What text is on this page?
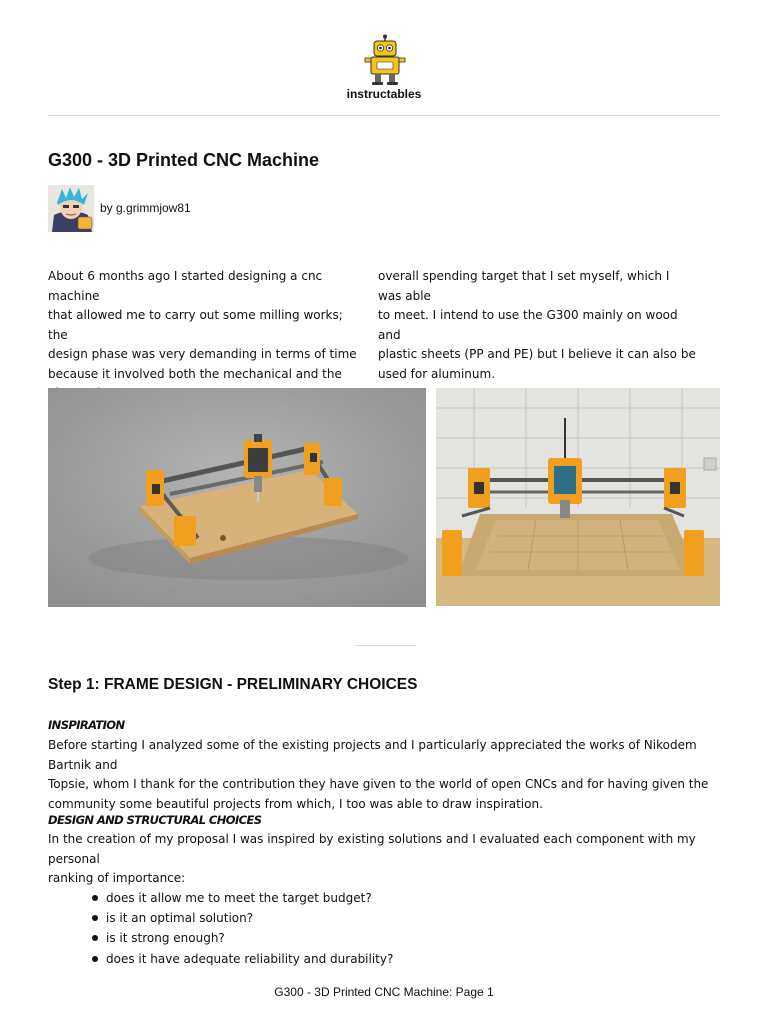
instructables
G300 - 3D Printed CNC Machine
by g.grimmjow81

About 6 months ago I started designing a cnc machine

that allowed me to carry out some milling works; the

design phase was very demanding in terms of time

because it involved both the mechanical and the

overall spending target that I set myself, which I was able

to meet. I intend to use the G300 mainly on wood and

plastic sheets (PP and PE) but I believe it can also be

used for aluminum.

Step 1: FRAME DESIGN - PRELIMINARY CHOICES
INSPIRATION

Before starting I analyzed some of the existing projects and I particularly appreciated the works of Nikodem Bartnik and

Topsie, whom I thank for the contribution they have given to the world of open CNCs and for having given the

community some beautiful projects from which, I too was able to draw inspiration.

DESIGN AND STRUCTURAL CHOICES

In the creation of my proposal I was inspired by existing solutions and I evaluated each component with my personal

ranking of importance:

does it allow me to meet the target budget?
is it an optimal solution?
is it strong enough?
does it have adequate reliability and durability?
G300 - 3D Printed CNC Machine: Page 1
